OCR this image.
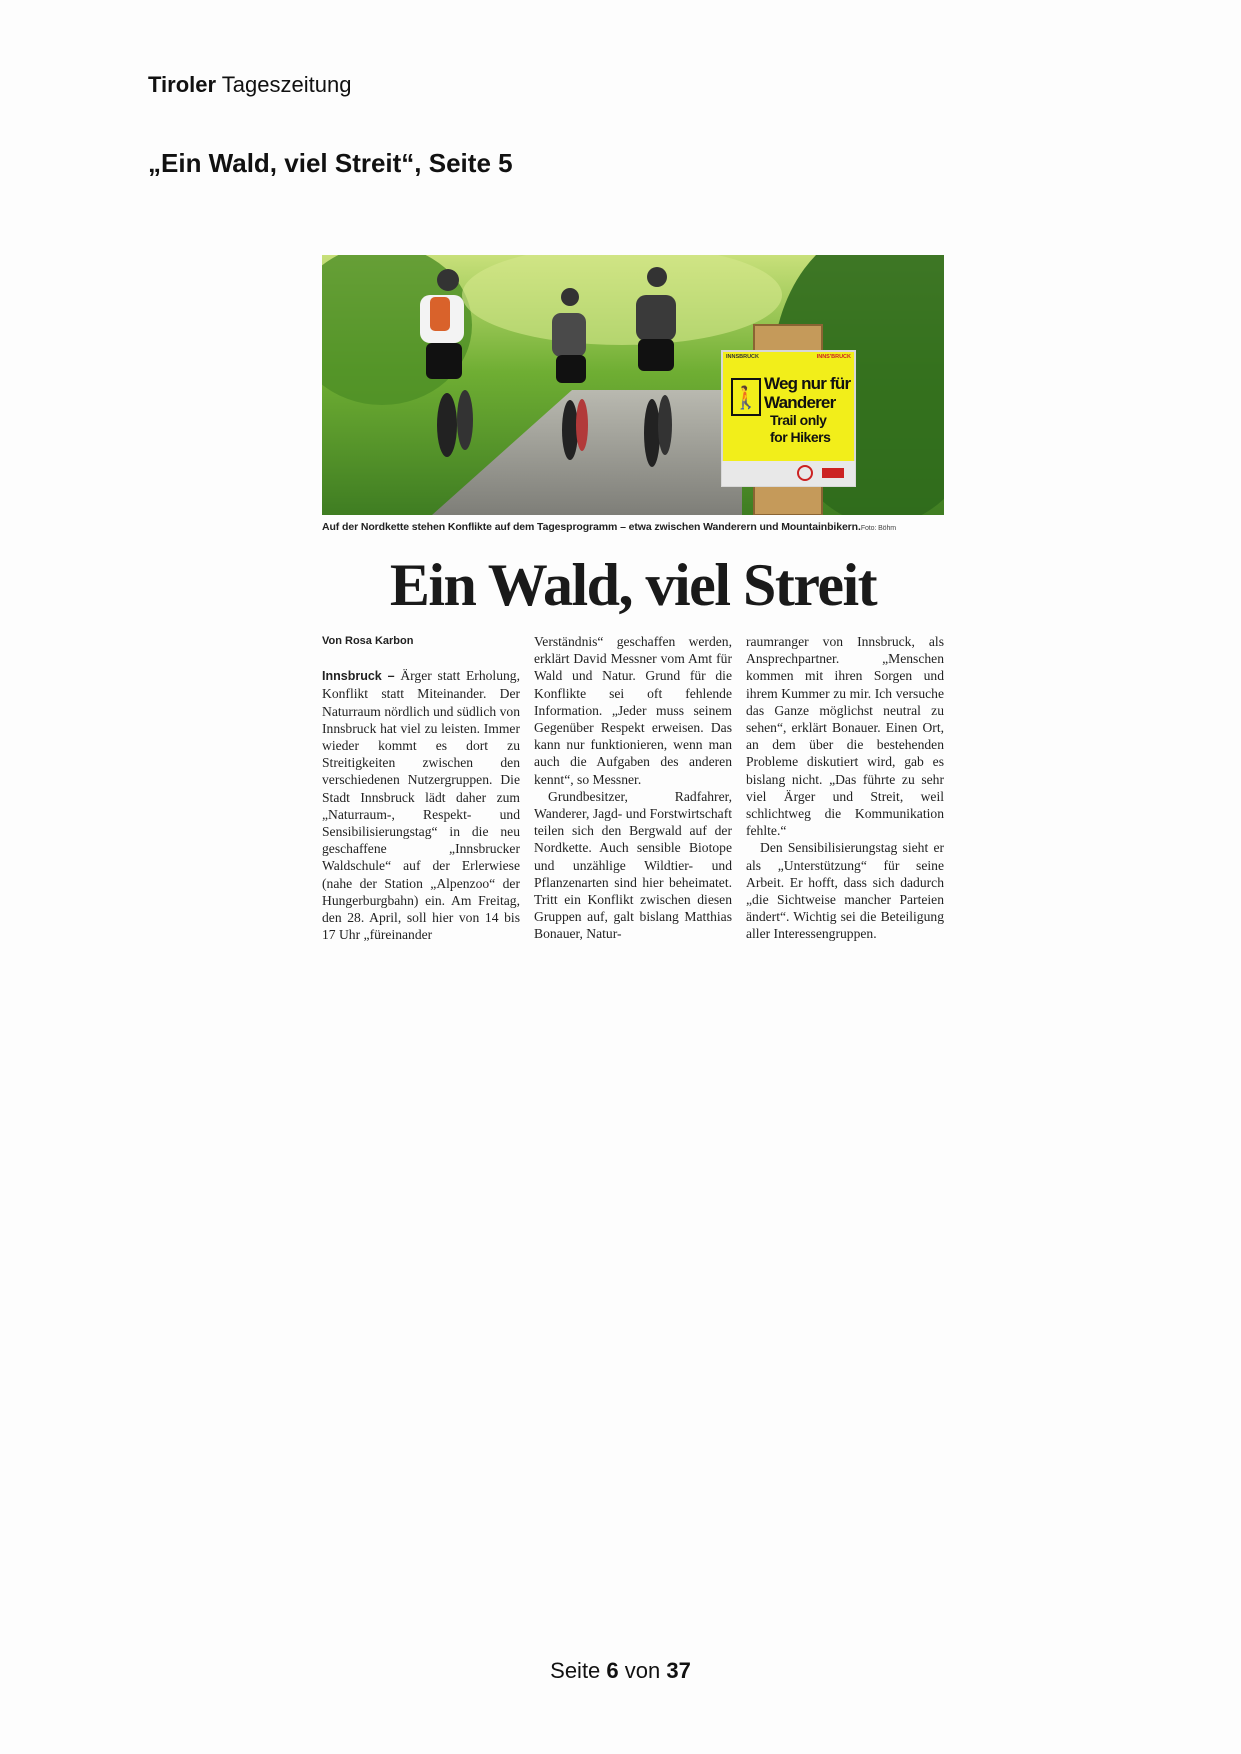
Tiroler Tageszeitung
„Ein Wald, viel Streit“, Seite 5
🚶
INNSBRUCK	INNS'BRUCK
Weg nur für
Wanderer
Trail only
for Hikers
Auf der Nordkette stehen Konflikte auf dem Tagesprogramm – etwa zwischen Wanderern und Mountainbikern.Foto: Böhm
Ein Wald, viel Streit
Von Rosa Karbon
Innsbruck – Ärger statt Erholung, Konflikt statt Miteinander. Der Naturraum nördlich und südlich von Innsbruck hat viel zu leisten. Immer wieder kommt es dort zu Streitigkeiten zwischen den verschiedenen Nutzergruppen. Die Stadt Innsbruck lädt daher zum „Naturraum-, Respekt- und Sensibilisierungstag“ in die neu geschaffene „Innsbrucker Waldschule“ auf der Erlerwiese (nahe der Station „Alpenzoo“ der Hungerburgbahn) ein. Am Freitag, den 28. April, soll hier von 14 bis 17 Uhr „füreinander
Verständnis“ geschaffen werden, erklärt David Messner vom Amt für Wald und Natur. Grund für die Konflikte sei oft fehlende Information. „Jeder muss seinem Gegenüber Respekt erweisen. Das kann nur funktionieren, wenn man auch die Aufgaben des anderen kennt“, so Messner.
Grundbesitzer, Radfahrer, Wanderer, Jagd- und Forstwirtschaft teilen sich den Bergwald auf der Nordkette. Auch sensible Biotope und unzählige Wildtier- und Pflanzenarten sind hier beheimatet. Tritt ein Konflikt zwischen diesen Gruppen auf, galt bislang Matthias Bonauer, Natur-
raumranger von Innsbruck, als Ansprechpartner. „Menschen kommen mit ihren Sorgen und ihrem Kummer zu mir. Ich versuche das Ganze möglichst neutral zu sehen“, erklärt Bonauer. Einen Ort, an dem über die bestehenden Probleme diskutiert wird, gab es bislang nicht. „Das führte zu sehr viel Ärger und Streit, weil schlichtweg die Kommunikation fehlte.“
Den Sensibilisierungstag sieht er als „Unterstützung“ für seine Arbeit. Er hofft, dass sich dadurch „die Sichtweise mancher Parteien ändert“. Wichtig sei die Beteiligung aller Interessengruppen.
Seite 6 von 37
